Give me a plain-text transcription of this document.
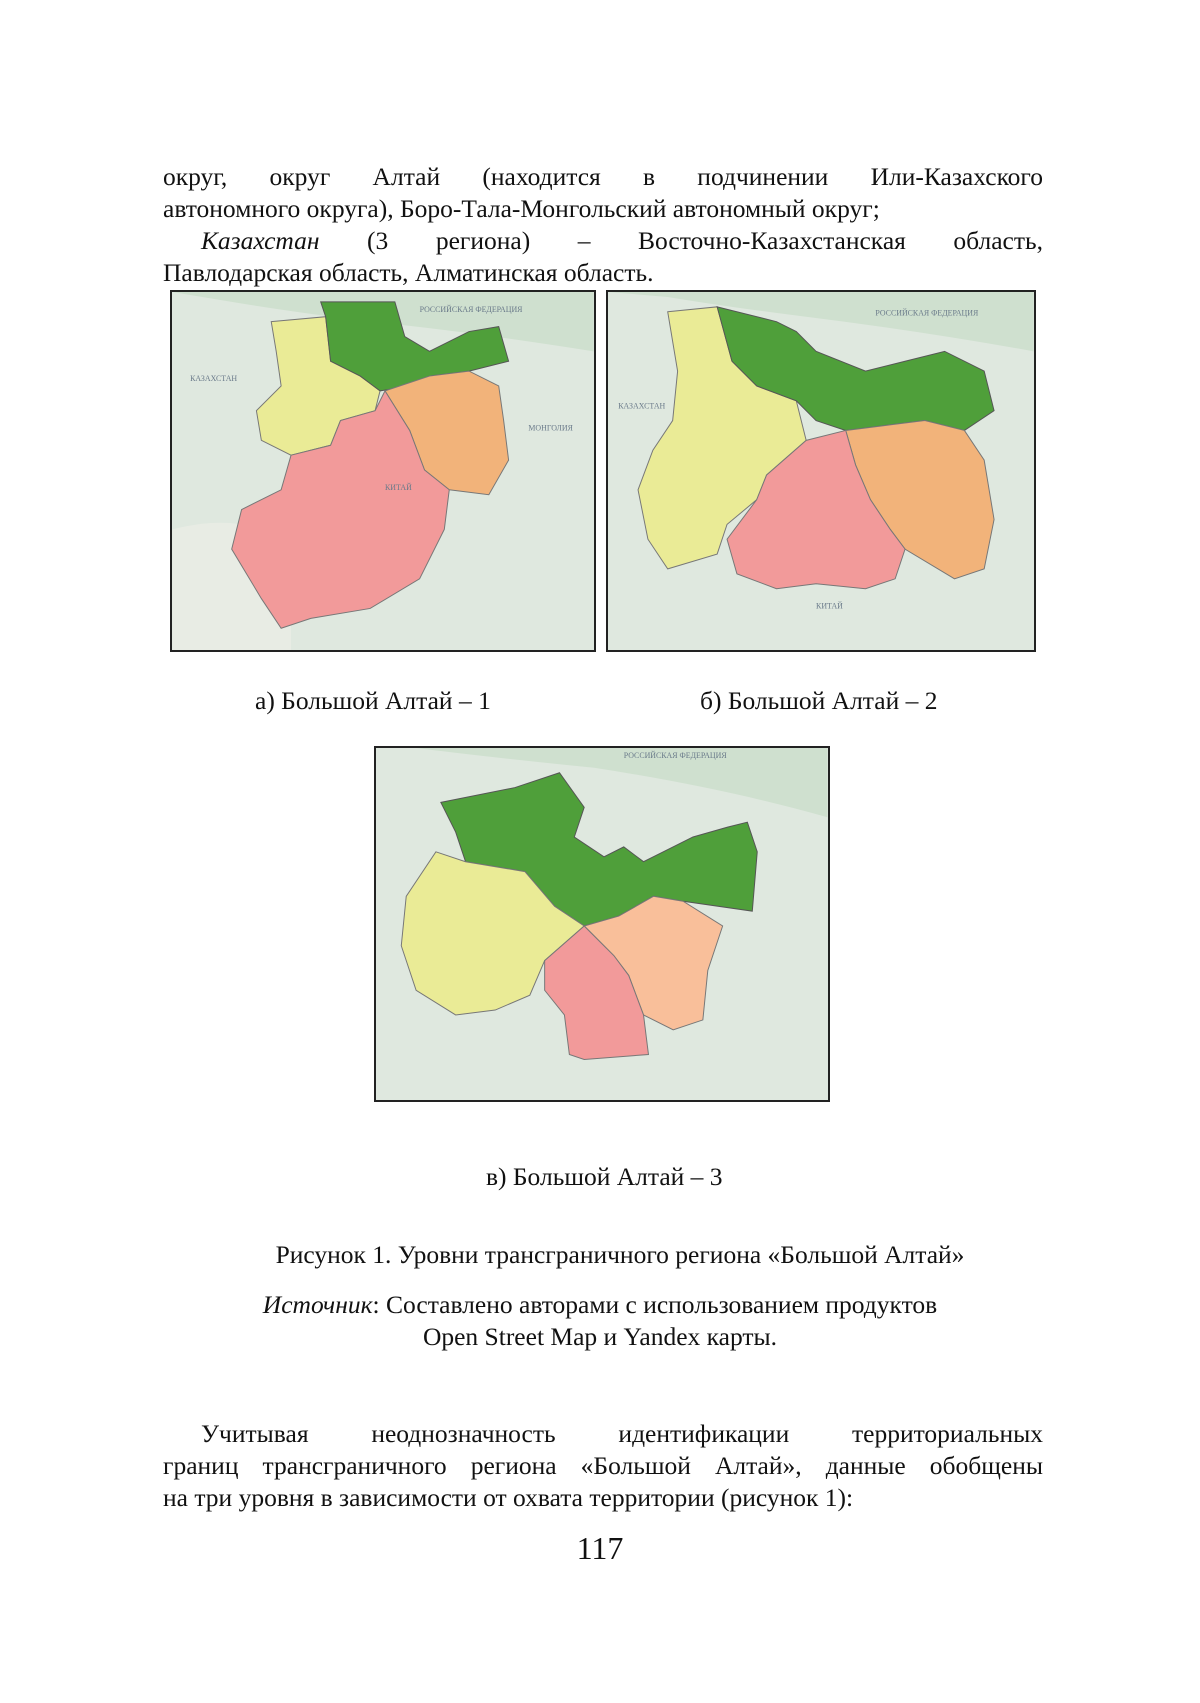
округ, округ Алтай (находится в подчинении Или-Казахского

автономного округа), Боро-Тала-Монгольский автономный округ;

Казахстан (3 региона) – Восточно-Казахстанская область,

Павлодарская область, Алматинская область.

РОССИЙСКАЯ ФЕДЕРАЦИЯ
КАЗАХСТАН
МОНГОЛИЯ
КИТАЙ
РОССИЙСКАЯ ФЕДЕРАЦИЯ
КАЗАХСТАН
КИТАЙ
а) Большой Алтай – 1	б) Большой Алтай – 2
РОССИЙСКАЯ ФЕДЕРАЦИЯ
в) Большой Алтай – 3
Рисунок 1. Уровни трансграничного региона «Большой Алтай»
Источник: Составлено авторами с использованием продуктов
Open Street Map и Yandex карты.

Учитывая неоднозначность идентификации территориальных

границ трансграничного региона «Большой Алтай», данные обобщены

на три уровня в зависимости от охвата территории (рисунок 1):

117
